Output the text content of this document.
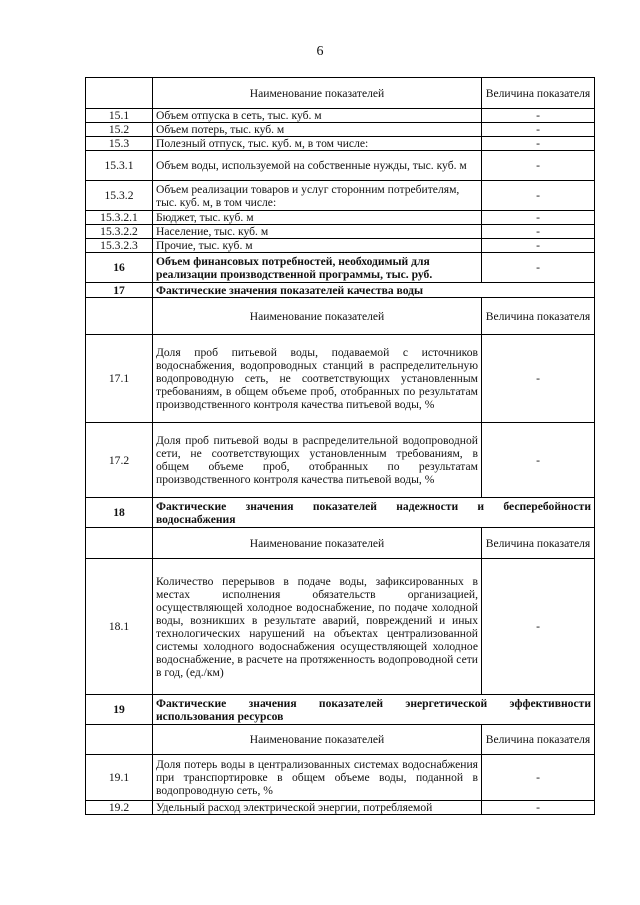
6
	Наименование показателей	Величина показателя
15.1	Объем отпуска в сеть, тыс. куб. м	-
15.2	Объем потерь, тыс. куб. м	-
15.3	Полезный отпуск, тыс. куб. м, в том числе:	-
15.3.1	Объем воды, используемой на собственные нужды, тыс. куб. м	-
15.3.2	Объем реализации товаров и услуг сторонним потребителям, тыс. куб. м, в том числе:	-
15.3.2.1	Бюджет, тыс. куб. м	-
15.3.2.2	Население, тыс. куб. м	-
15.3.2.3	Прочие, тыс. куб. м	-
16	Объем финансовых потребностей, необходимый для реализации производственной программы, тыс. руб.	-
17	Фактические значения показателей качества воды	
	Наименование показателей	Величина показателя
17.1	Доля проб питьевой воды, подаваемой с источников водоснабжения, водопроводных станций в распределительную водопроводную сеть, не соответствующих установленным требованиям, в общем объеме проб, отобранных по результатам производственного контроля качества питьевой воды, %	-
17.2	Доля проб питьевой воды в распределительной водопроводной сети, не соответствующих установленным требованиям, в общем объеме проб, отобранных по результатам производственного контроля качества питьевой воды, %	-
18	Фактические значения показателей надежности и бесперебойности водоснабжения	
	Наименование показателей	Величина показателя
18.1	Количество перерывов в подаче воды, зафиксированных в местах исполнения обязательств организацией, осуществляющей холодное водоснабжение, по подаче холодной воды, возникших в результате аварий, повреждений и иных технологических нарушений на объектах централизованной системы холодного водоснабжения осуществляющей холодное водоснабжение, в расчете на протяженность водопроводной сети в год, (ед./км)	-
19	Фактические значения показателей энергетической эффективности использования ресурсов	
	Наименование показателей	Величина показателя
19.1	Доля потерь воды в централизованных системах водоснабжения при транспортировке в общем объеме воды, поданной в водопроводную сеть, %	-
19.2	Удельный расход электрической энергии, потребляемой	-
